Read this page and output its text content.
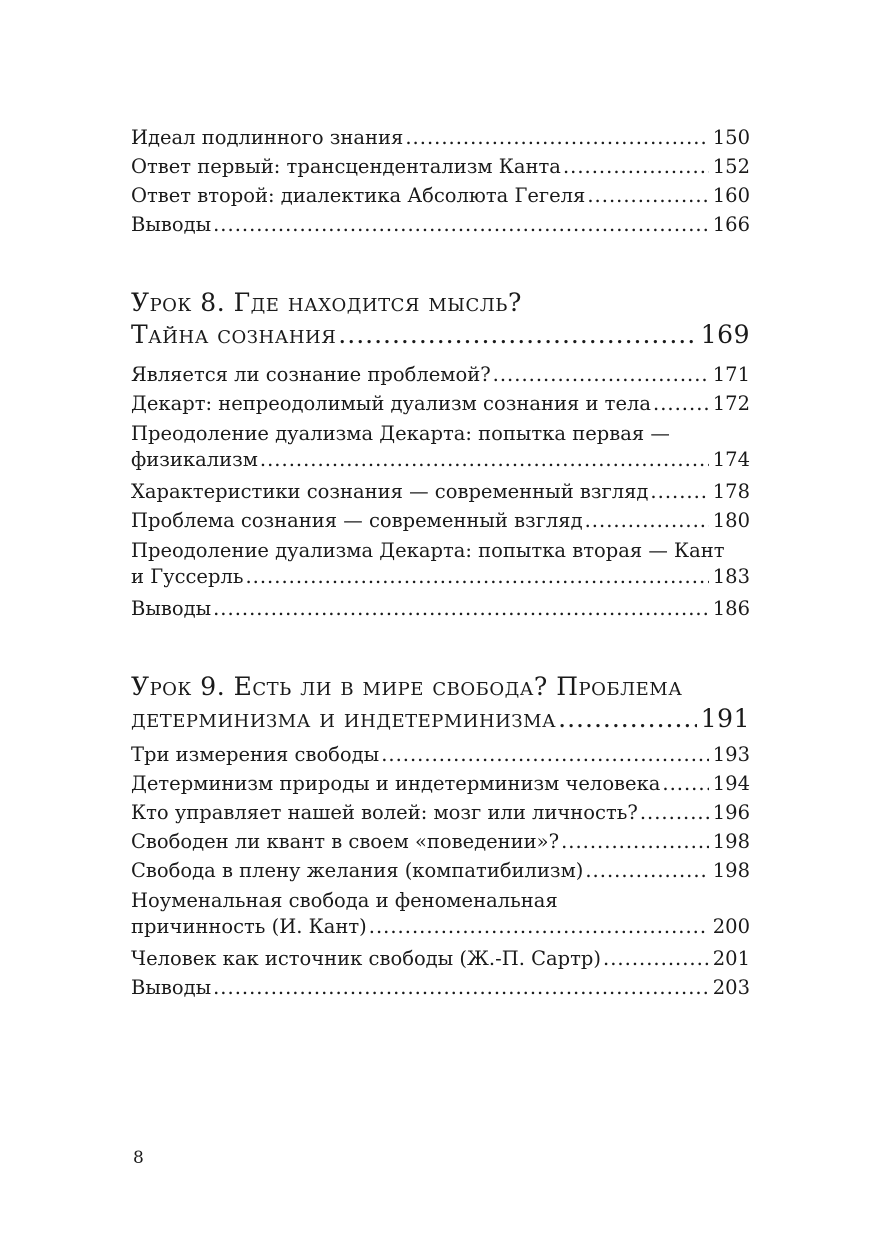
Идеал подлинного знания .....	150
Ответ первый: трансцендентализм Канта .....	152
Ответ второй: диалектика Абсолюта Гегеля .....	160
Выводы .....	166
Урок 8. Где находится мысль?
Тайна сознания .....	169
Является ли сознание проблемой? .....	171
Декарт: непреодолимый дуализм сознания и тела .....	172
Преодоление дуализма Декарта: попытка первая —
физикализм .....	174
Характеристики сознания — современный взгляд .....	178
Проблема сознания — современный взгляд .....	180
Преодоление дуализма Декарта: попытка вторая — Кант
и Гуссерль .....	183
Выводы .....	186
Урок 9. Есть ли в мире свобода? Проблема
детерминизма и индетерминизма .....	191
Три измерения свободы .....	193
Детерминизм природы и индетерминизм человека .....	194
Кто управляет нашей волей: мозг или личность? .....	196
Свободен ли квант в своем «поведении»? .....	198
Свобода в плену желания (компатибилизм) .....	198
Ноуменальная свобода и феноменальная
причинность (И. Кант) .....	200
Человек как источник свободы (Ж.-П. Сартр) .....	201
Выводы .....	203
8
